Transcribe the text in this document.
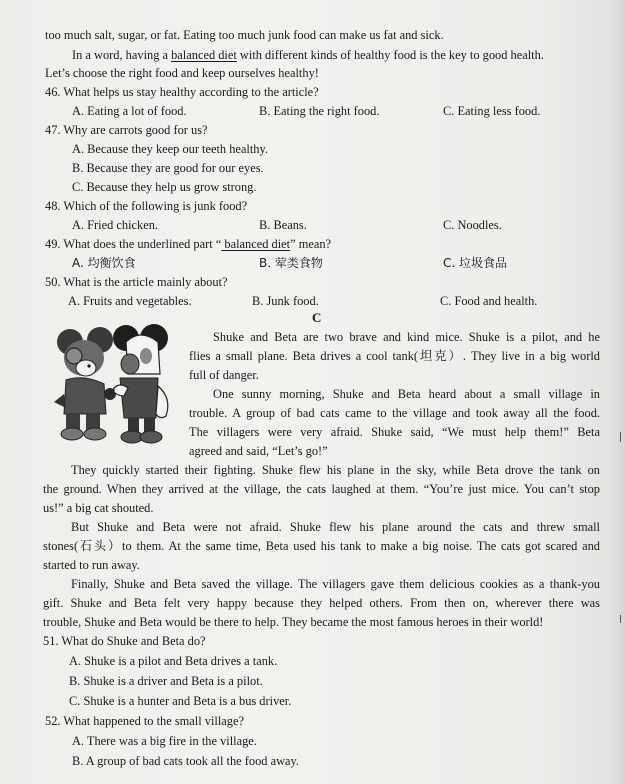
too much salt, sugar, or fat. Eating too much junk food can make us fat and sick.
In a word, having a balanced diet with different kinds of healthy food is the key to good health.
Let’s choose the right food and keep ourselves healthy!
46. What helps us stay healthy according to the article?
A. Eating a lot of food.	B. Eating the right food.	C. Eating less food.
47. Why are carrots good for us?
A. Because they keep our teeth healthy.
B. Because they are good for our eyes.
C. Because they help us grow strong.
48. Which of the following is junk food?
A. Fried chicken.	B. Beans.	C. Noodles.
49. What does the underlined part “ balanced diet” mean?
A. 均衡饮食	B. 荤类食物	C. 垃圾食品
50. What is the article mainly about?
A. Fruits and vegetables.	B. Junk food.	C. Food and health.
C
Shuke and Beta are two brave and kind mice. Shuke is a pilot, and he
flies a small plane. Beta drives a cool tank(坦克）. They live in a big world
full of danger.
One sunny morning, Shuke and Beta heard about a small village in
trouble. A group of bad cats came to the village and took away all the food.
The villagers were very afraid. Shuke said, “We must help them!” Beta
agreed and said, “Let’s go!”
They quickly started their fighting. Shuke flew his plane in the sky, while Beta drove the tank on
the ground. When they arrived at the village, the cats laughed at them. “You’re just mice. You can’t stop
us!” a big cat shouted.
But Shuke and Beta were not afraid. Shuke flew his plane around the cats and threw small
stones(石头）to them. At the same time, Beta used his tank to make a big noise. The cats got scared and
started to run away.
Finally, Shuke and Beta saved the village. The villagers gave them delicious cookies as a thank-you
gift. Shuke and Beta felt very happy because they helped others. From then on, wherever there was
trouble, Shuke and Beta would be there to help. They became the most famous heroes in their world!
51. What do Shuke and Beta do?
A. Shuke is a pilot and Beta drives a tank.
B. Shuke is a driver and Beta is a pilot.
C. Shuke is a hunter and Beta is a bus driver.
52. What happened to the small village?
A. There was a big fire in the village.
B. A group of bad cats took all the food away.
